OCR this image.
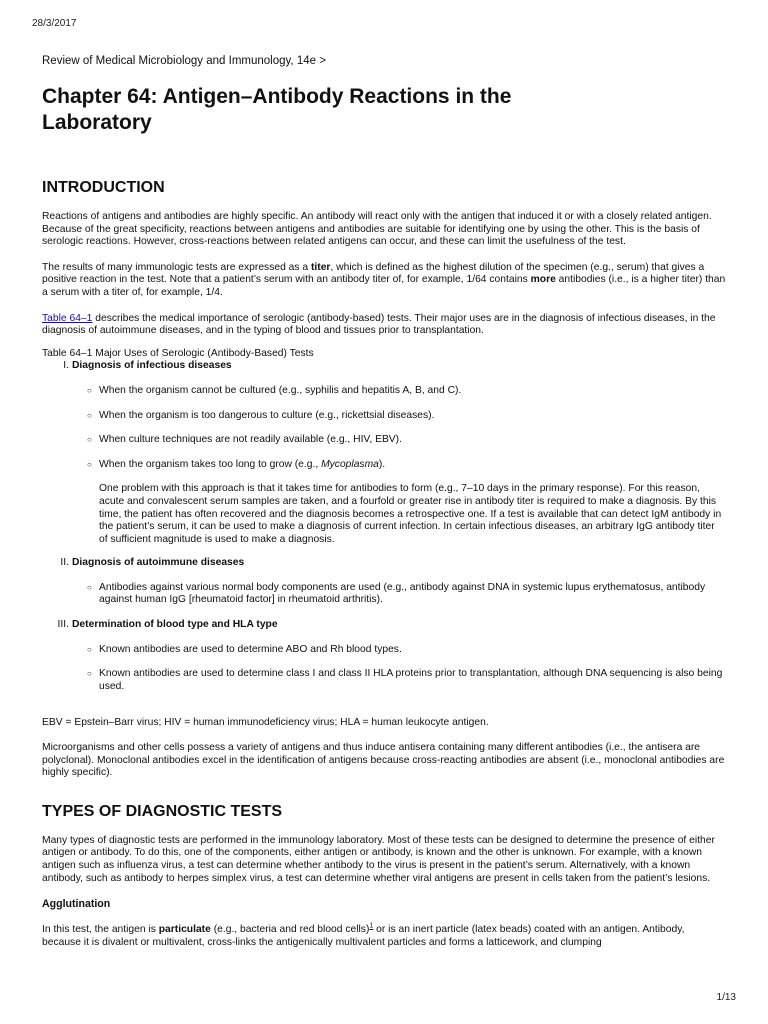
28/3/2017

Review of Medical Microbiology and Immunology, 14e >

Chapter 64: Antigen–Antibody Reactions in the
Laboratory
INTRODUCTION

Reactions of antigens and antibodies are highly specific. An antibody will react only with the antigen that induced it or with a closely related antigen. Because of the great specificity, reactions between antigens and antibodies are suitable for identifying one by using the other. This is the basis of serologic reactions. However, cross-reactions between related antigens can occur, and these can limit the usefulness of the test.

The results of many immunologic tests are expressed as a titer, which is defined as the highest dilution of the specimen (e.g., serum) that gives a positive reaction in the test. Note that a patient’s serum with an antibody titer of, for example, 1/64 contains more antibodies (i.e., is a higher titer) than a serum with a titer of, for example, 1/4.

Table 64–1 describes the medical importance of serologic (antibody-based) tests. Their major uses are in the diagnosis of infectious diseases, in the diagnosis of autoimmune diseases, and in the typing of blood and tissues prior to transplantation.

Table 64–1 Major Uses of Serologic (Antibody-Based) Tests
I. Diagnosis of infectious diseases
○ When the organism cannot be cultured (e.g., syphilis and hepatitis A, B, and C).
○ When the organism is too dangerous to culture (e.g., rickettsial diseases).
○ When culture techniques are not readily available (e.g., HIV, EBV).
○ When the organism takes too long to grow (e.g., Mycoplasma).
One problem with this approach is that it takes time for antibodies to form (e.g., 7–10 days in the primary response). For this reason, acute and convalescent serum samples are taken, and a fourfold or greater rise in antibody titer is required to make a diagnosis. By this time, the patient has often recovered and the diagnosis becomes a retrospective one. If a test is available that can detect IgM antibody in the patient’s serum, it can be used to make a diagnosis of current infection. In certain infectious diseases, an arbitrary IgG antibody titer of sufficient magnitude is used to make a diagnosis.
II. Diagnosis of autoimmune diseases
○ Antibodies against various normal body components are used (e.g., antibody against DNA in systemic lupus erythematosus, antibody against human IgG [rheumatoid factor] in rheumatoid arthritis).
III. Determination of blood type and HLA type
○ Known antibodies are used to determine ABO and Rh blood types.
○ Known antibodies are used to determine class I and class II HLA proteins prior to transplantation, although DNA sequencing is also being used.

EBV = Epstein–Barr virus; HIV = human immunodeficiency virus; HLA = human leukocyte antigen.

Microorganisms and other cells possess a variety of antigens and thus induce antisera containing many different antibodies (i.e., the antisera are polyclonal). Monoclonal antibodies excel in the identification of antigens because cross-reacting antibodies are absent (i.e., monoclonal antibodies are highly specific).

TYPES OF DIAGNOSTIC TESTS

Many types of diagnostic tests are performed in the immunology laboratory. Most of these tests can be designed to determine the presence of either antigen or antibody. To do this, one of the components, either antigen or antibody, is known and the other is unknown. For example, with a known antigen such as influenza virus, a test can determine whether antibody to the virus is present in the patient’s serum. Alternatively, with a known antibody, such as antibody to herpes simplex virus, a test can determine whether viral antigens are present in cells taken from the patient’s lesions.

Agglutination

In this test, the antigen is particulate (e.g., bacteria and red blood cells)$^1$ or is an inert particle (latex beads) coated with an antigen. Antibody, because it is divalent or multivalent, cross-links the antigenically multivalent particles and forms a latticework, and clumping

1/13
